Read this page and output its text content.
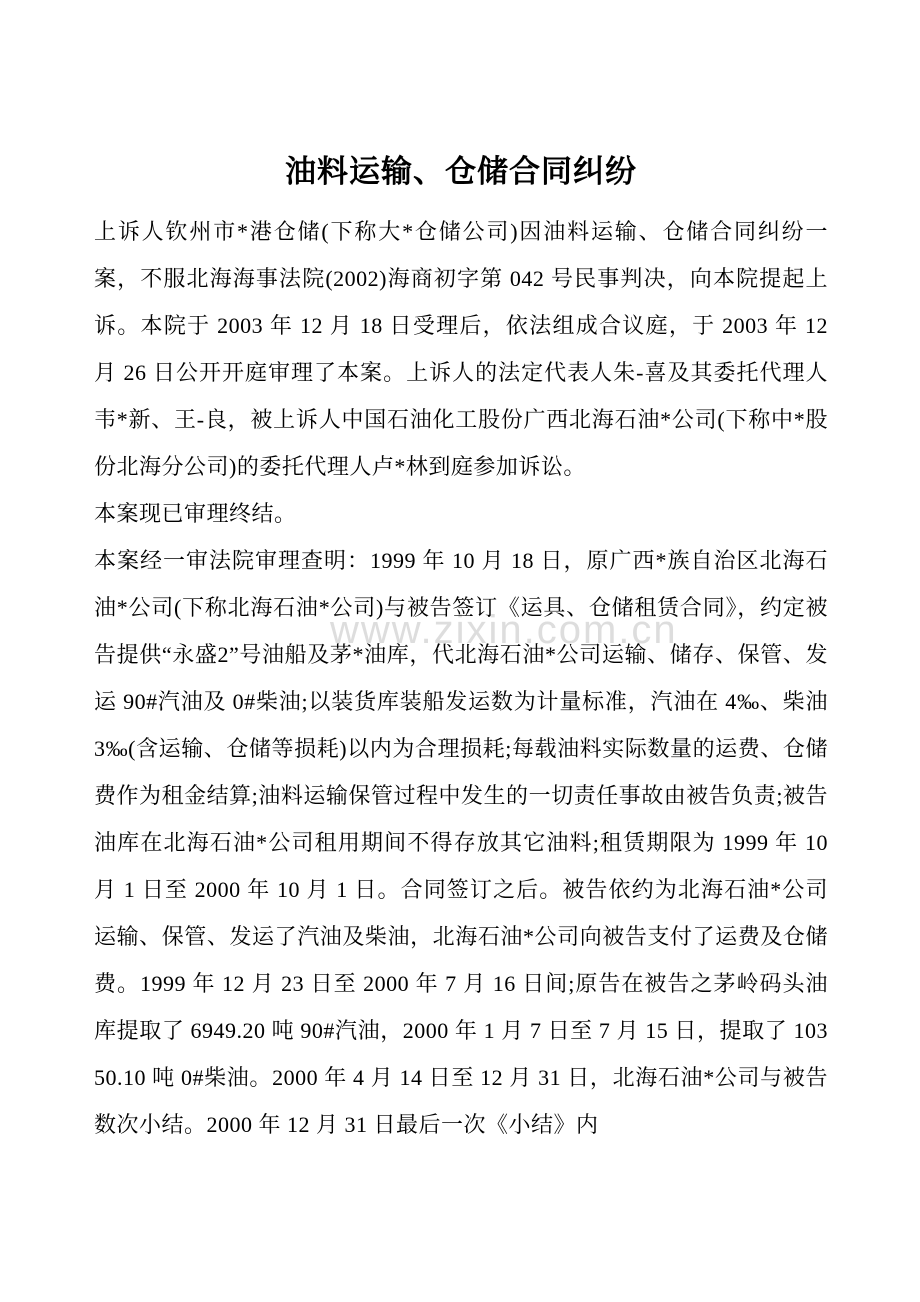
www.zixin.com.cn
油料运输、仓储合同纠纷

上诉人钦州市*港仓储(下称大*仓储公司)因油料运输、仓储合同纠纷一案，不服北海海事法院(2002)海商初字第 042 号民事判决，向本院提起上诉。本院于 2003 年 12 月 18 日受理后，依法组成合议庭，于 2003 年 12 月 26 日公开开庭审理了本案。上诉人的法定代表人朱-喜及其委托代理人韦*新、王-良，被上诉人中国石油化工股份广西北海石油*公司(下称中*股份北海分公司)的委托代理人卢*林到庭参加诉讼。

本案现已审理终结。

本案经一审法院审理查明：1999 年 10 月 18 日，原广西*族自治区北海石油*公司(下称北海石油*公司)与被告签订《运具、仓储租赁合同》，约定被告提供“永盛2”号油船及茅*油库，代北海石油*公司运输、储存、保管、发运 90#汽油及 0#柴油;以装货库装船发运数为计量标准，汽油在 4‰、柴油 3‰(含运输、仓储等损耗)以内为合理损耗;每载油料实际数量的运费、仓储费作为租金结算;油料运输保管过程中发生的一切责任事故由被告负责;被告油库在北海石油*公司租用期间不得存放其它油料;租赁期限为 1999 年 10 月 1 日至 2000 年 10 月 1 日。合同签订之后。被告依约为北海石油*公司运输、保管、发运了汽油及柴油，北海石油*公司向被告支付了运费及仓储费。1999 年 12 月 23 日至 2000 年 7 月 16 日间;原告在被告之茅岭码头油库提取了 6949.20 吨 90#汽油，2000 年 1 月 7 日至 7 月 15 日，提取了 10350.10 吨 0#柴油。2000 年 4 月 14 日至 12 月 31 日，北海石油*公司与被告数次小结。2000 年 12 月 31 日最后一次《小结》内
